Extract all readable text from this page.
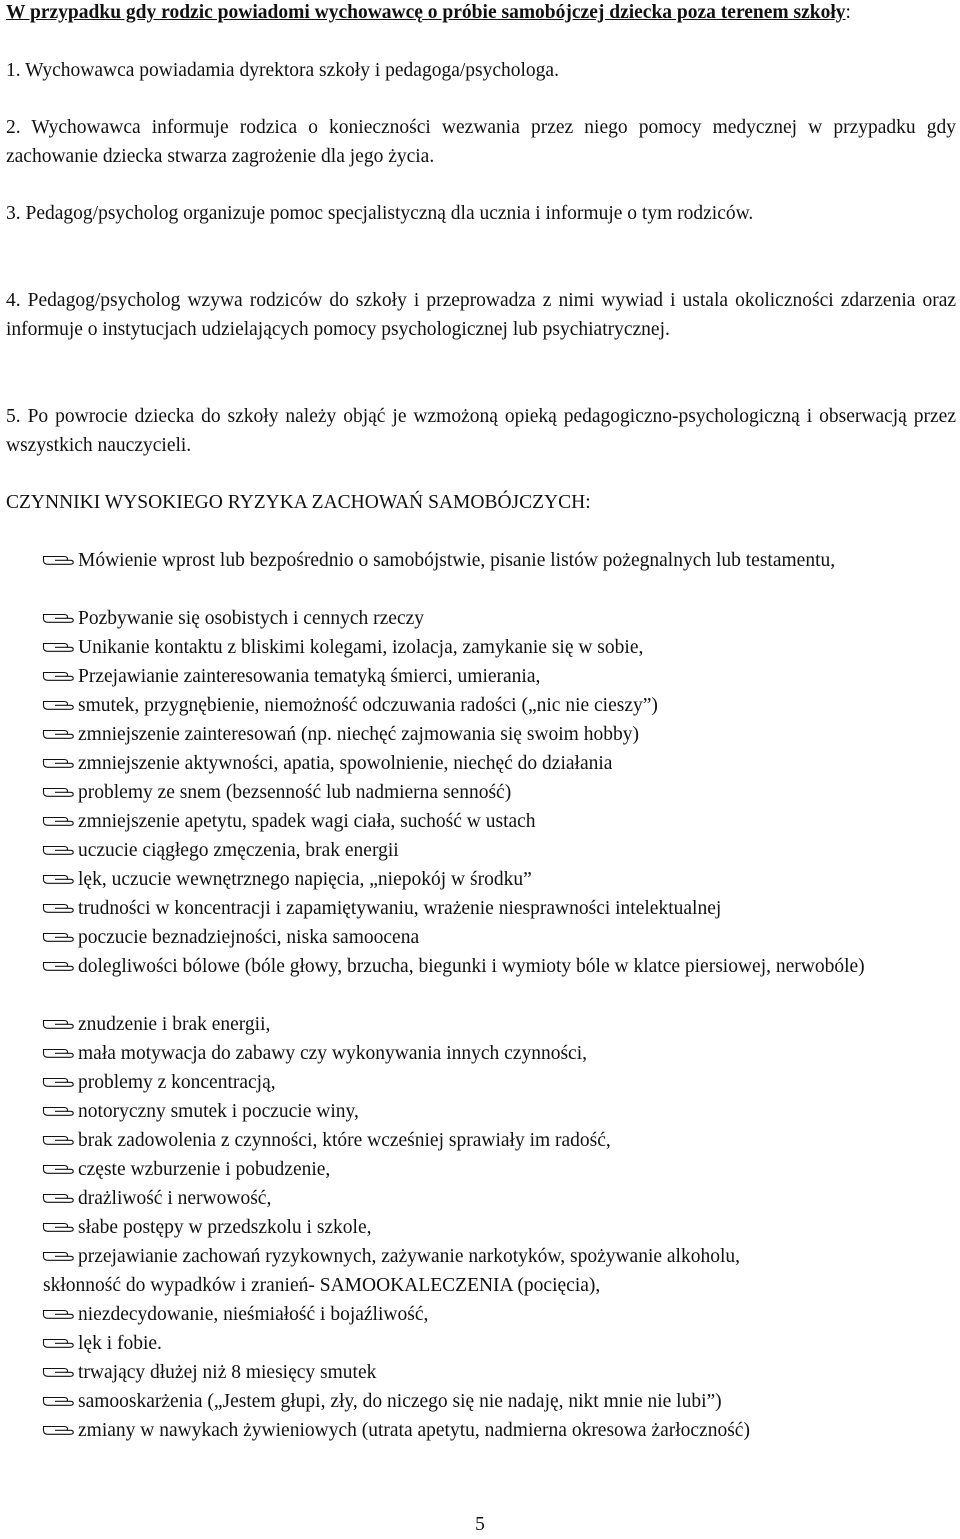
W przypadku gdy rodzic powiadomi wychowawcę o próbie samobójczej dziecka poza terenem szkoły:

1. Wychowawca powiadamia dyrektora szkoły i pedagoga/psychologa.

2. Wychowawca informuje rodzica o konieczności wezwania przez niego pomocy medycznej w przypadku gdy zachowanie dziecka stwarza zagrożenie dla jego życia.

3. Pedagog/psycholog organizuje pomoc specjalistyczną dla ucznia i informuje o tym rodziców.

4. Pedagog/psycholog wzywa rodziców do szkoły i przeprowadza z nimi wywiad i ustala okoliczności zdarzenia oraz informuje o instytucjach udzielających pomocy psychologicznej lub psychiatrycznej.

5. Po powrocie dziecka do szkoły należy objąć je wzmożoną opieką pedagogiczno-psychologiczną i obserwacją przez wszystkich nauczycieli.

CZYNNIKI WYSOKIEGO RYZYKA ZACHOWAŃ SAMOBÓJCZYCH:

Mówienie wprost lub bezpośrednio o samobójstwie, pisanie listów pożegnalnych lub testamentu,
Pozbywanie się osobistych i cennych rzeczy
Unikanie kontaktu z bliskimi kolegami, izolacja, zamykanie się w sobie,
Przejawianie zainteresowania tematyką śmierci, umierania,
smutek, przygnębienie, niemożność odczuwania radości („nic nie cieszy”)
zmniejszenie zainteresowań (np. niechęć zajmowania się swoim hobby)
zmniejszenie aktywności, apatia, spowolnienie, niechęć do działania
problemy ze snem (bezsenność lub nadmierna senność)
zmniejszenie apetytu, spadek wagi ciała, suchość w ustach
uczucie ciągłego zmęczenia, brak energii
lęk, uczucie wewnętrznego napięcia, „niepokój w środku”
trudności w koncentracji i zapamiętywaniu, wrażenie niesprawności intelektualnej
poczucie beznadziejności, niska samoocena
dolegliwości bólowe (bóle głowy, brzucha, biegunki i wymioty bóle w klatce piersiowej, nerwobóle)
znudzenie i brak energii,
mała motywacja do zabawy czy wykonywania innych czynności,
problemy z koncentracją,
notoryczny smutek i poczucie winy,
brak zadowolenia z czynności, które wcześniej sprawiały im radość,
częste wzburzenie i pobudzenie,
drażliwość i nerwowość,
słabe postępy w przedszkolu i szkole,
przejawianie zachowań ryzykownych, zażywanie narkotyków, spożywanie alkoholu,
niezdecydowanie, nieśmiałość i bojaźliwość,
lęk i fobie.
trwający dłużej niż 8 miesięcy smutek
samooskarżenia („Jestem głupi, zły, do niczego się nie nadaję, nikt mnie nie lubi”)
zmiany w nawykach żywieniowych (utrata apetytu, nadmierna okresowa żarłoczność)

skłonność do wypadków i zranień- SAMOOKALECZENIA (pocięcia),

5
